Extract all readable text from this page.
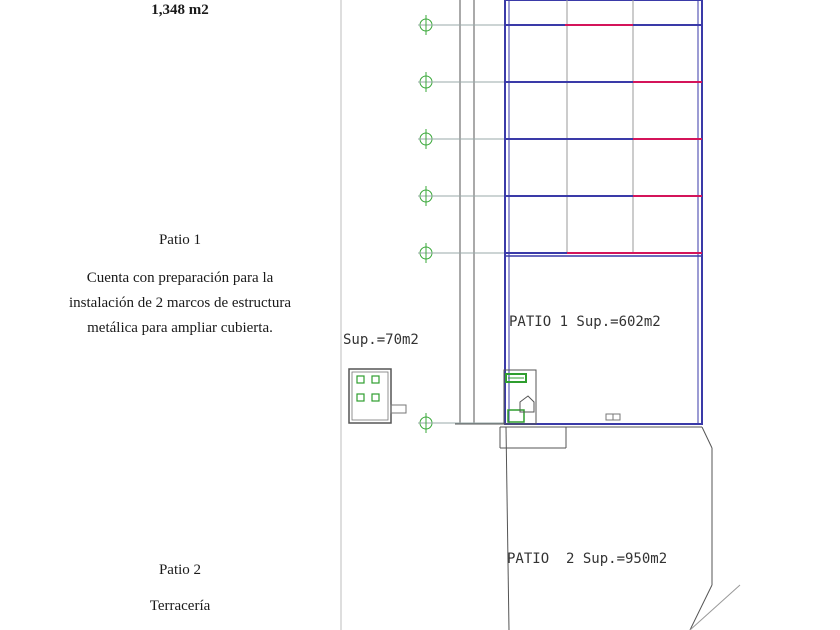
1,348 m2
Patio 1
Cuenta con preparación para la instalación de 2 marcos de estructura metálica para ampliar cubierta.
Patio 2
Terracería
Sup.=70m2
PATIO 1 Sup.=602m2
PATIO  2 Sup.=950m2
